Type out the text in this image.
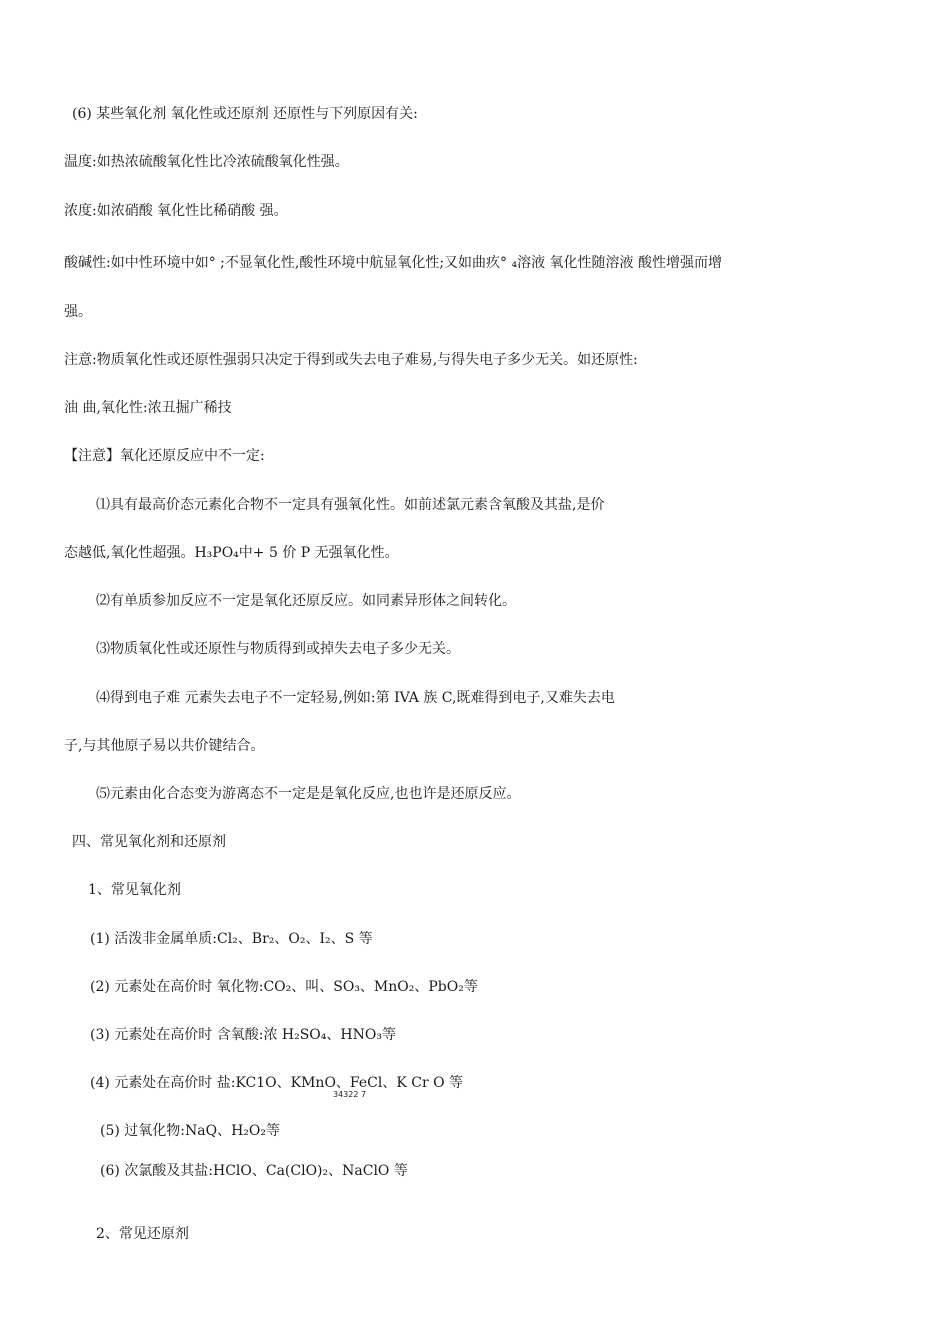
(6) 某些氧化剂 氧化性或还原剂 还原性与下列原因有关:
温度:如热浓硫酸氧化性比冷浓硫酸氧化性强。
浓度:如浓硝酸 氧化性比稀硝酸 强。
酸碱性:如中性环境中如° ;不显氧化性,酸性环境中航显氧化性;又如曲疚° ₄溶液 氧化性随溶液 酸性增强而增
强。
注意:物质氧化性或还原性强弱只决定于得到或失去电子难易,与得失电子多少无关。如还原性:
油 曲,氧化性:浓丑掘广稀技
【注意】氧化还原反应中不一定:
⑴具有最高价态元素化合物不一定具有强氧化性。如前述氯元素含氧酸及其盐,是价
态越低,氧化性超强。H₃PO₄中+ 5 价 P 无强氧化性。
⑵有单质参加反应不一定是氧化还原反应。如同素异形体之间转化。
⑶物质氧化性或还原性与物质得到或掉失去电子多少无关。
⑷得到电子难 元素失去电子不一定轻易,例如:第 IVA 族 C,既难得到电子,又难失去电
子,与其他原子易以共价键结合。
⑸元素由化合态变为游离态不一定是是氧化反应,也也许是还原反应。
四、常见氧化剂和还原剂
1、常见氧化剂
(1) 活泼非金属单质:Cl₂、Br₂、O₂、I₂、S 等
(2) 元素处在高价时 氧化物:CO₂、叫、SO₃、MnO₂、PbO₂等
(3) 元素处在高价时 含氧酸:浓 H₂SO₄、HNO₃等
(4) 元素处在高价时 盐:KC1O、KMnO、FeCl、K Cr O 等
34322 7
(5) 过氧化物:NaQ、H₂O₂等
(6) 次氯酸及其盐:HClO、Ca(ClO)₂、NaClO 等
2、常见还原剂
